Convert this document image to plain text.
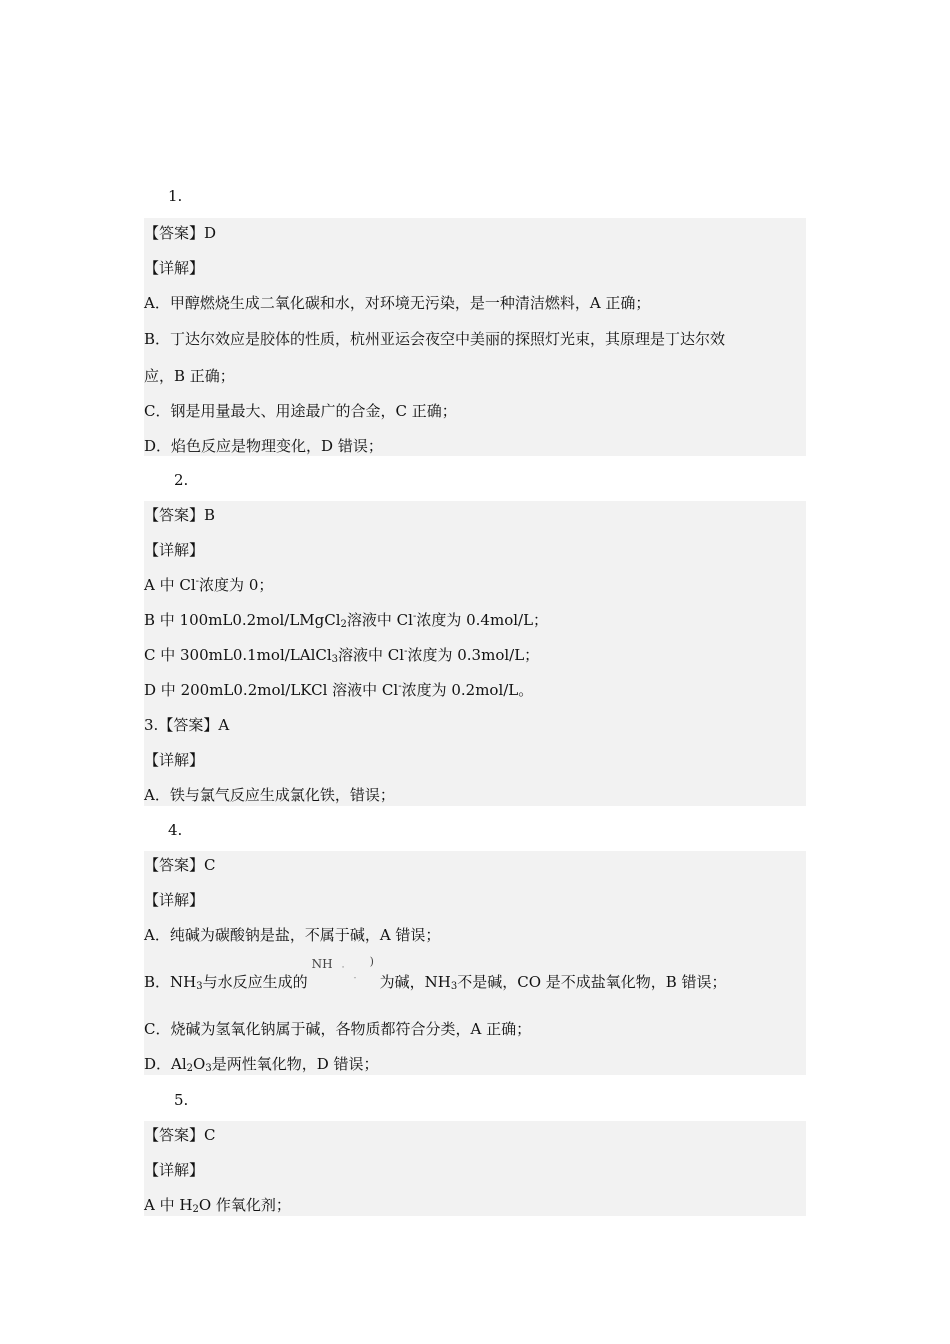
1.
【答案】D
【详解】
A．甲醇燃烧生成二氧化碳和水，对环境无污染，是一种清洁燃料，A 正确；
B．丁达尔效应是胶体的性质，杭州亚运会夜空中美丽的探照灯光束，其原理是丁达尔效
应，B 正确；
C．钢是用量最大、用途最广的合金，C 正确；
D．焰色反应是物理变化，D 错误；
2.
【答案】B
【详解】
A 中 Cl-浓度为 0；
B 中 100mL0.2mol/LMgCl$_2$溶液中 Cl-浓度为 0.4mol/L；
C 中 300mL0.1mol/LAlCl$_3$溶液中 Cl-浓度为 0.3mol/L；
D 中 200mL0.2mol/LKCl 溶液中 Cl-浓度为 0.2mol/L。
3.【答案】A
【详解】
A．铁与氯气反应生成氯化铁，错误；
4.
【答案】C
【详解】
A．纯碱为碳酸钠是盐，不属于碱，A 错误；
B．$NH_3$与水反应生成的
NH · )
- 为碱，$NH_3$不是碱，CO 是不成盐氧化物，B 错误；
C．烧碱为氢氧化钠属于碱，各物质都符合分类，A 正确；
D．$Al_2O_3$是两性氧化物，D 错误；
5.
【答案】C
【详解】
A 中 $H_2O$ 作氧化剂；
